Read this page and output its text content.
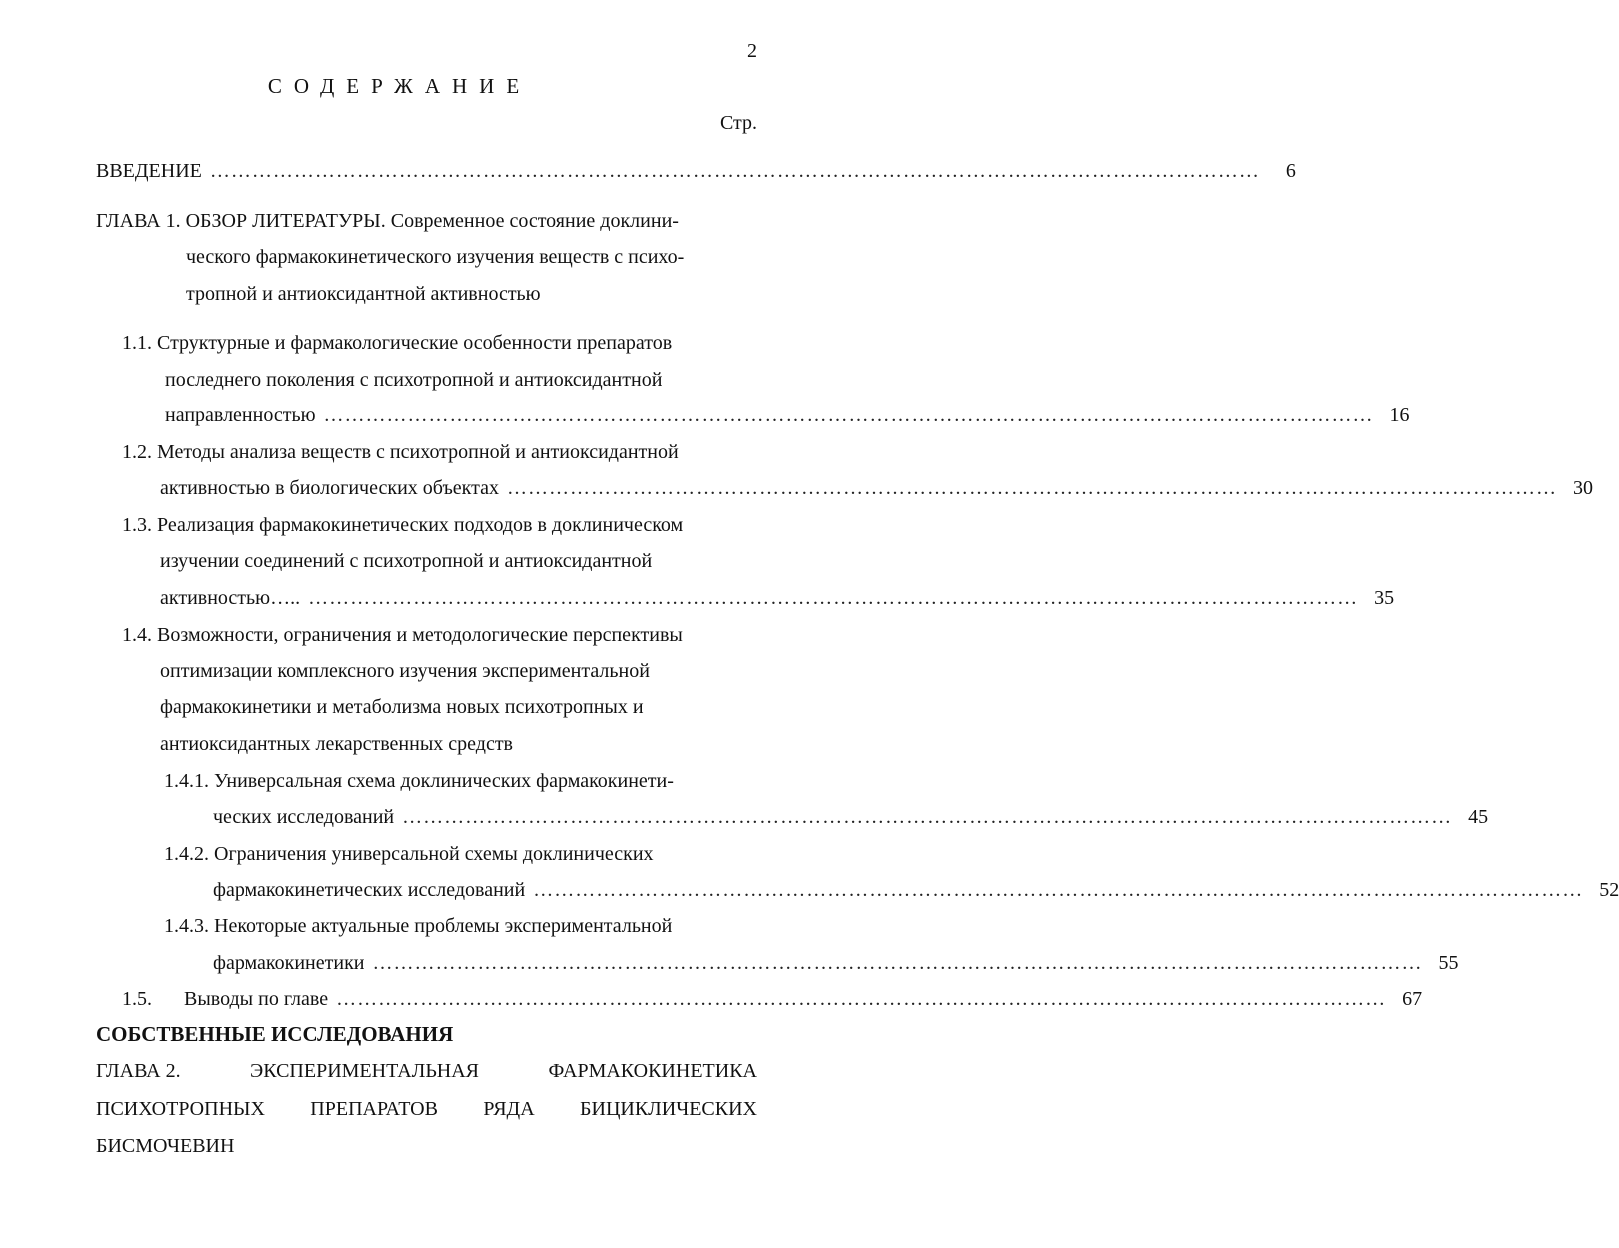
2
СОДЕРЖАНИЕ
Стр.
ВВЕДЕНИЕ ……………………………………………………………………………………………………………………………………	6
ГЛАВА 1. ОБЗОР ЛИТЕРАТУРЫ. Современное состояние доклини-
ческого фармакокинетического изучения веществ с психо-
тропной и антиоксидантной активностью
1.1. Структурные и фармакологические особенности препаратов
последнего поколения с психотропной и антиоксидантной
направленностью …………………………………………………………………………………………………………………………………… 16
1.2. Методы анализа веществ с психотропной и антиоксидантной
активностью в биологических объектах …………………………………………………………………………………………………………………………………… 30
1.3. Реализация фармакокинетических подходов в доклиническом
изучении соединений с психотропной и антиоксидантной
активностью….. …………………………………………………………………………………………………………………………………… 35
1.4. Возможности, ограничения и методологические перспективы
оптимизации комплексного изучения экспериментальной
фармакокинетики и метаболизма новых психотропных и
антиоксидантных лекарственных средств
1.4.1. Универсальная схема доклинических фармакокинети-
ческих исследований …………………………………………………………………………………………………………………………………… 45
1.4.2. Ограничения универсальной схемы доклинических
фармакокинетических исследований …………………………………………………………………………………………………………………………………… 52
1.4.3. Некоторые актуальные проблемы экспериментальной
фармакокинетики …………………………………………………………………………………………………………………………………… 55
1.5. Выводы по главе …………………………………………………………………………………………………………………………………… 67
СОБСТВЕННЫЕ ИССЛЕДОВАНИЯ
ГЛАВА 2.	ЭКСПЕРИМЕНТАЛЬНАЯ	ФАРМАКОКИНЕТИКА
ПСИХОТРОПНЫХ ПРЕПАРАТОВ РЯДА БИЦИКЛИЧЕСКИХ
БИСМОЧЕВИН
